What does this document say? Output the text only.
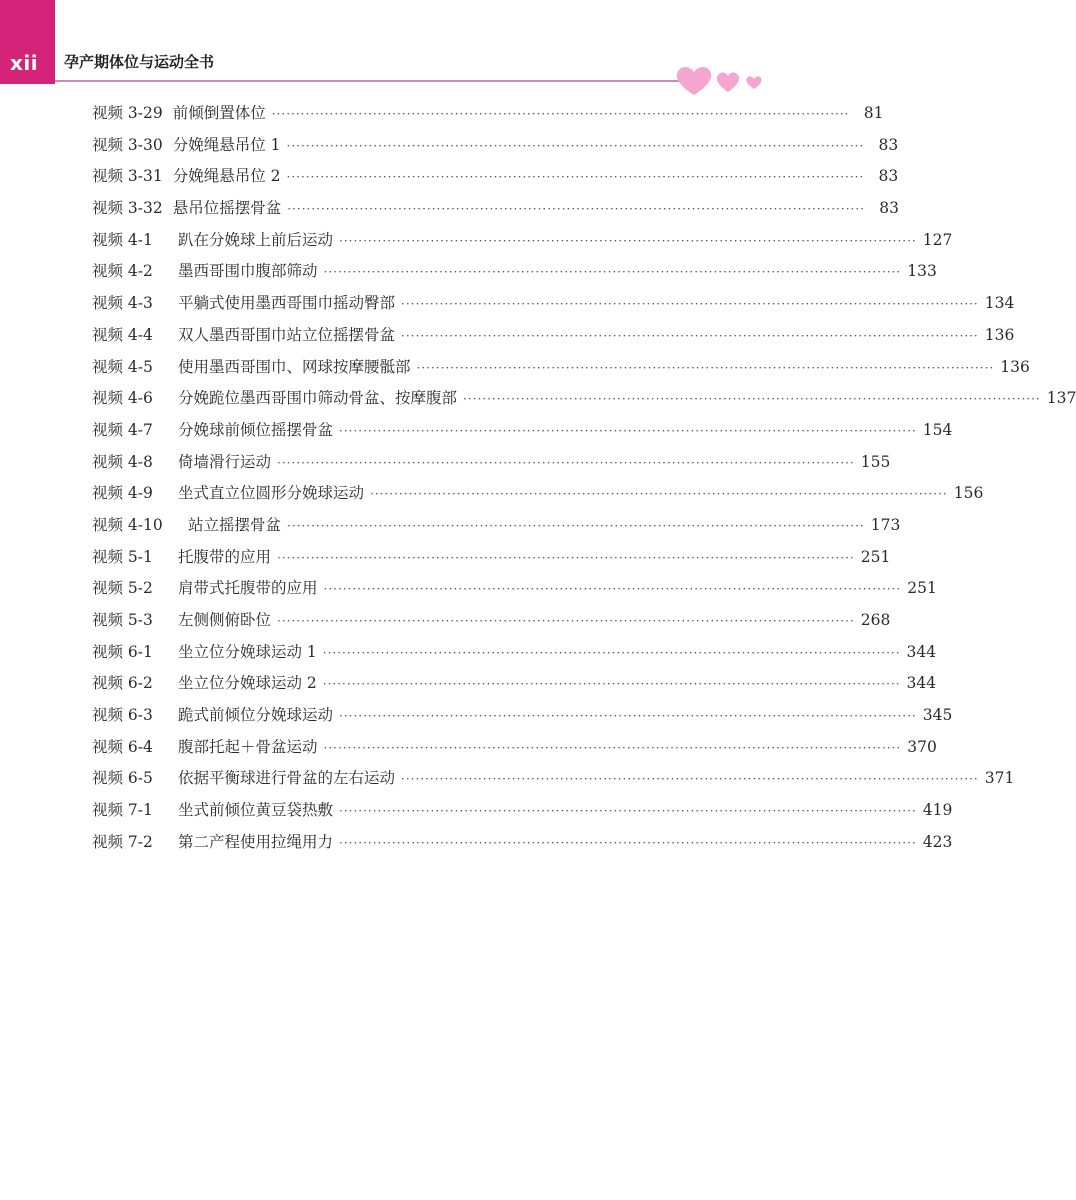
xii	孕产期体位与运动全书
视频 3-29 前倾倒置体位 ························································································································ 81
视频 3-30 分娩绳悬吊位 1 ························································································································ 83
视频 3-31 分娩绳悬吊位 2 ························································································································ 83
视频 3-32 悬吊位摇摆骨盆 ························································································································ 83
视频 4-1	趴在分娩球上前后运动 ························································································································ 127
视频 4-2	墨西哥围巾腹部筛动 ························································································································ 133
视频 4-3	平躺式使用墨西哥围巾摇动臀部 ························································································································ 134
视频 4-4	双人墨西哥围巾站立位摇摆骨盆 ························································································································ 136
视频 4-5	使用墨西哥围巾、网球按摩腰骶部 ························································································································ 136
视频 4-6	分娩跪位墨西哥围巾筛动骨盆、按摩腹部 ························································································································ 137
视频 4-7	分娩球前倾位摇摆骨盆 ························································································································ 154
视频 4-8	倚墙滑行运动 ························································································································ 155
视频 4-9	坐式直立位圆形分娩球运动 ························································································································ 156
视频 4-10	站立摇摆骨盆 ························································································································ 173
视频 5-1	托腹带的应用 ························································································································ 251
视频 5-2	肩带式托腹带的应用 ························································································································ 251
视频 5-3	左侧侧俯卧位 ························································································································ 268
视频 6-1	坐立位分娩球运动 1 ························································································································ 344
视频 6-2	坐立位分娩球运动 2 ························································································································ 344
视频 6-3	跪式前倾位分娩球运动 ························································································································ 345
视频 6-4	腹部托起＋骨盆运动 ························································································································ 370
视频 6-5	依据平衡球进行骨盆的左右运动 ························································································································ 371
视频 7-1	坐式前倾位黄豆袋热敷 ························································································································ 419
视频 7-2	第二产程使用拉绳用力 ························································································································ 423
